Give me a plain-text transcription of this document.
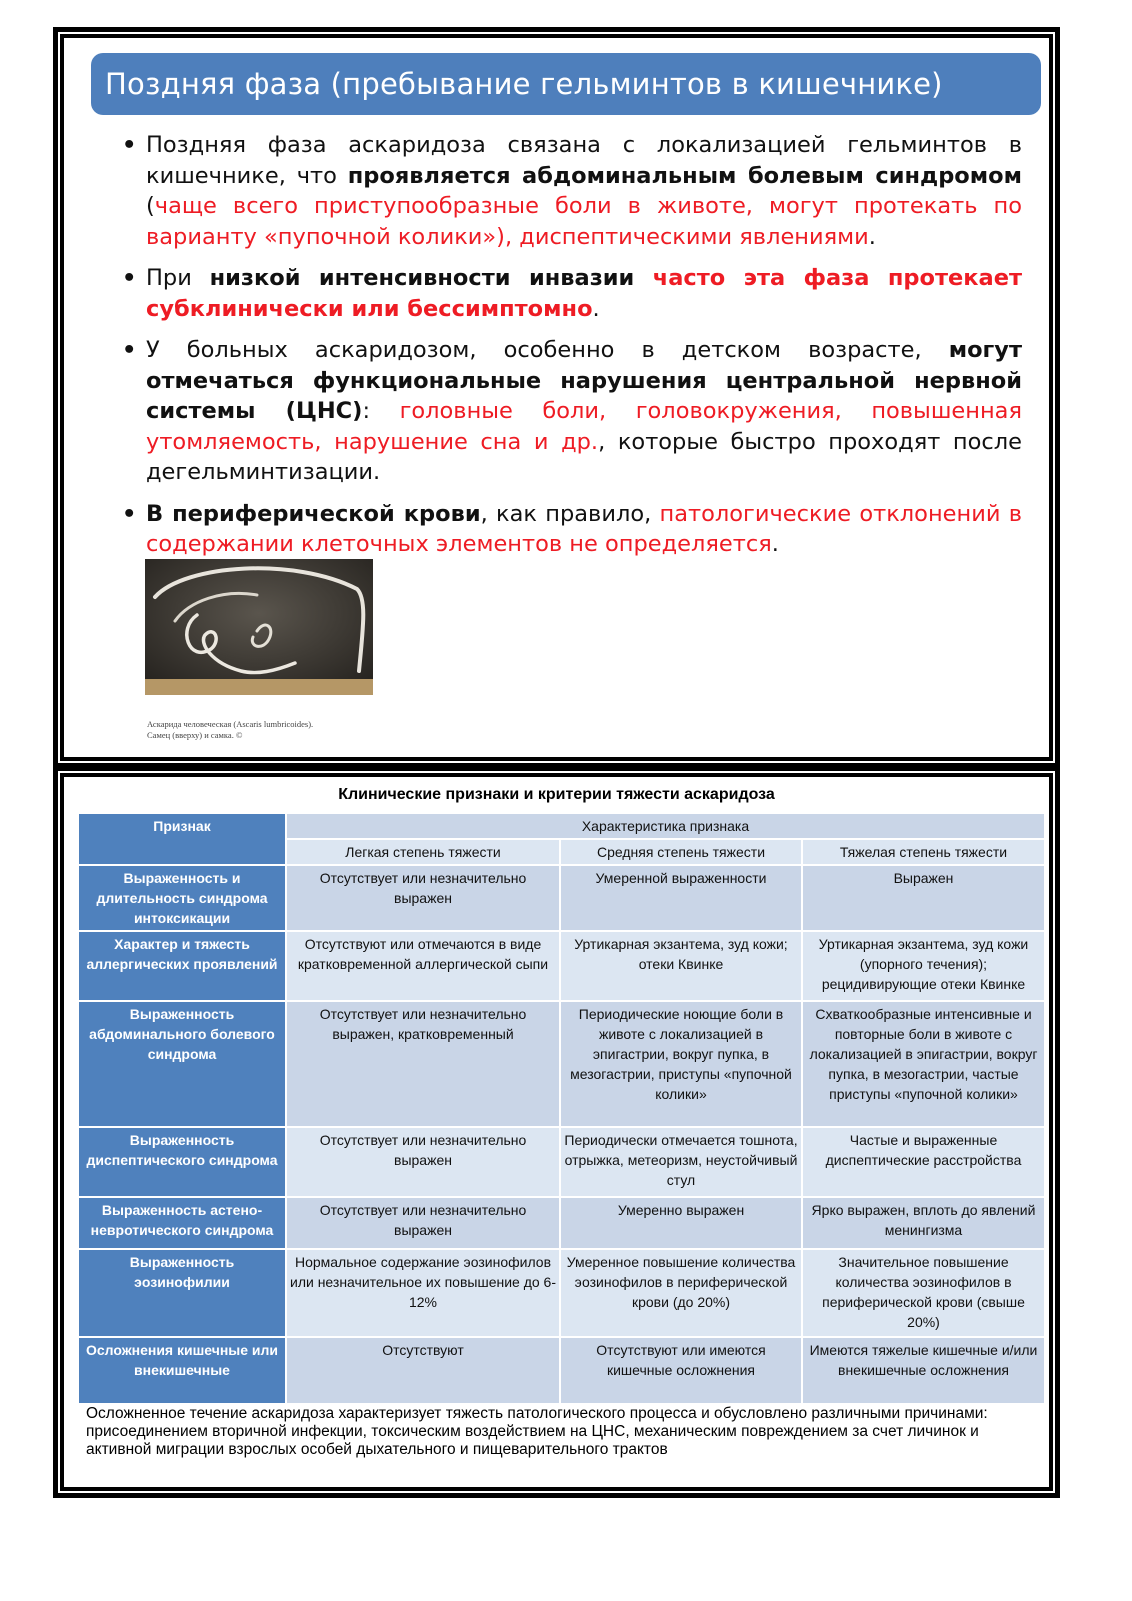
Поздняя фаза (пребывание гельминтов в кишечнике)
• Поздняя фаза аскаридоза связана с локализацией гельминтов в кишечнике, что проявляется абдоминальным болевым синдромом (чаще всего приступообразные боли в животе, могут протекать по варианту «пупочной колики»), диспептическими явлениями.
• При низкой интенсивности инвазии часто эта фаза протекает субклинически или бессимптомно.
• У больных аскаридозом, особенно в детском возрасте, могут отмечаться функциональные нарушения центральной нервной системы (ЦНС): головные боли, головокружения, повышенная утомляемость, нарушение сна и др., которые быстро проходят после дегельминтизации.
• В периферической крови, как правило, патологические отклонений в содержании клеточных элементов не определяется.
Аскарида человеческая (Ascaris lumbricoides).
Самец (вверху) и самка. ©
Клинические признаки и критерии тяжести аскаридоза
Признак	Характеристика признака		
	Легкая степень тяжести	Средняя степень тяжести	Тяжелая степень тяжести
Выраженность и длительность синдрома интоксикации	Отсутствует или незначительно выражен	Умеренной выраженности	Выражен
Характер и тяжесть аллергических проявлений	Отсутствуют или отмечаются в виде кратковременной аллергической сыпи	Уртикарная экзантема, зуд кожи; отеки Квинке	Уртикарная экзантема, зуд кожи (упорного течения); рецидивирующие отеки Квинке
Выраженность абдоминального болевого синдрома	Отсутствует или незначительно выражен, кратковременный	Периодические ноющие боли в животе с локализацией в эпигастрии, вокруг пупка, в мезогастрии, приступы «пупочной колики»	Схваткообразные интенсивные и повторные боли в животе с локализацией в эпигастрии, вокруг пупка, в мезогастрии, частые приступы «пупочной колики»
Выраженность диспептического синдрома	Отсутствует или незначительно выражен	Периодически отмечается тошнота, отрыжка, метеоризм, неустойчивый стул	Частые и выраженные диспептические расстройства
Выраженность астено-невротического синдрома	Отсутствует или незначительно выражен	Умеренно выражен	Ярко выражен, вплоть до явлений менингизма
Выраженность эозинофилии	Нормальное содержание эозинофилов или незначительное их повышение до 6-12%	Умеренное повышение количества эозинофилов в периферической крови (до 20%)	Значительное повышение количества эозинофилов в периферической крови (свыше 20%)
Осложнения кишечные или внекишечные	Отсутствуют	Отсутствуют или имеются кишечные осложнения	Имеются тяжелые кишечные и/или внекишечные осложнения
Осложненное течение аскаридоза характеризует тяжесть патологического процесса и обусловлено различными причинами: присоединением вторичной инфекции, токсическим воздействием на ЦНС, механическим повреждением за счет личинок и активной миграции взрослых особей дыхательного и пищеварительного трактов
